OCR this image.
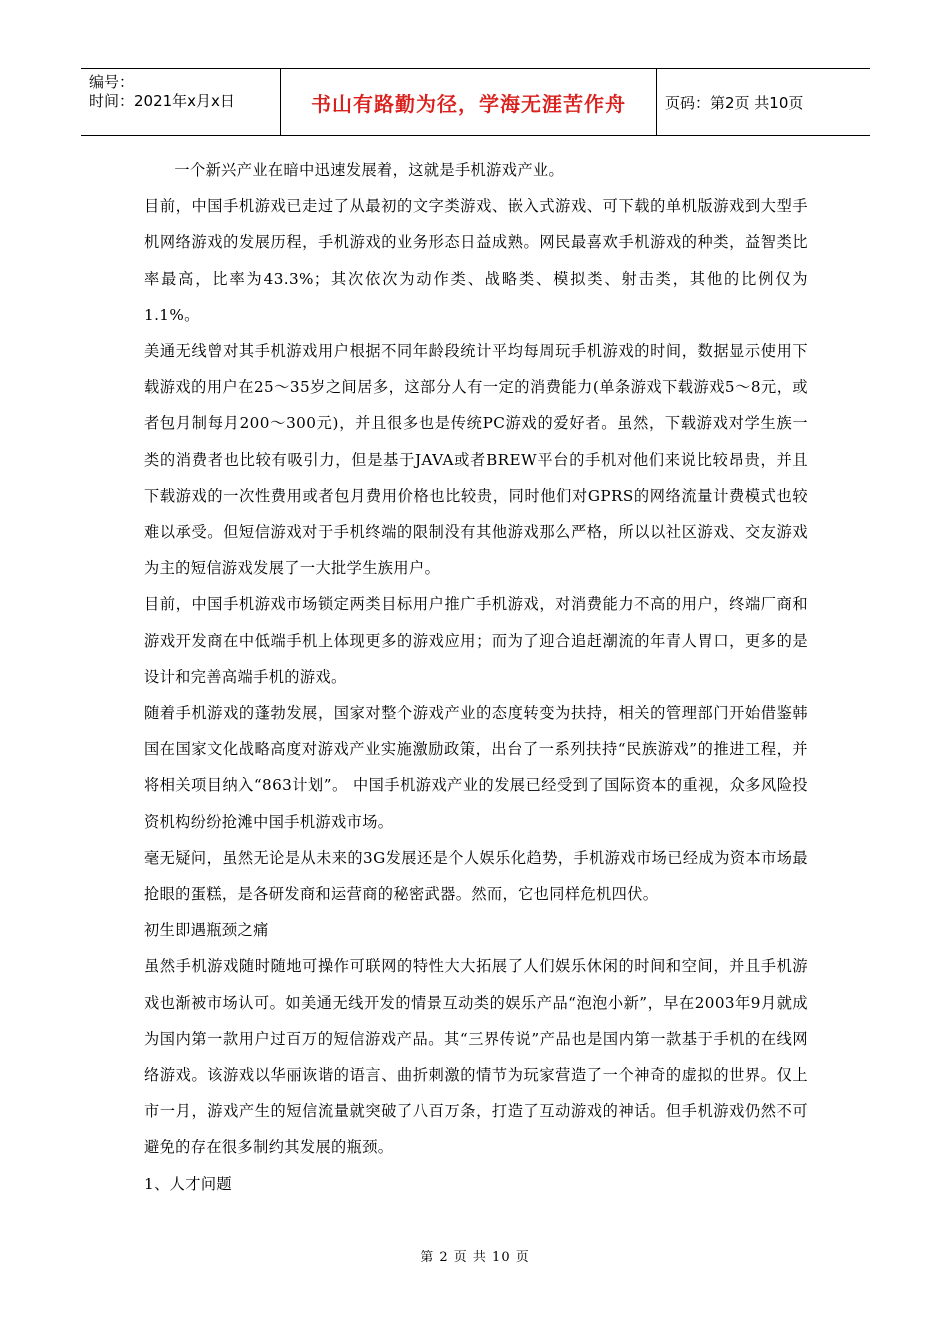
编号：
时间：2021年x月x日	书山有路勤为径，学海无涯苦作舟	页码：第2页 共10页

一个新兴产业在暗中迅速发展着，这就是手机游戏产业。

目前，中国手机游戏已走过了从最初的文字类游戏、嵌入式游戏、可下载的单机版游戏到大型手机网络游戏的发展历程，手机游戏的业务形态日益成熟。网民最喜欢手机游戏的种类，益智类比率最高，比率为43.3%；其次依次为动作类、战略类、模拟类、射击类，其他的比例仅为1.1%。

美通无线曾对其手机游戏用户根据不同年龄段统计平均每周玩手机游戏的时间，数据显示使用下载游戏的用户在25～35岁之间居多，这部分人有一定的消费能力(单条游戏下载游戏5～8元，或者包月制每月200～300元)，并且很多也是传统PC游戏的爱好者。虽然，下载游戏对学生族一类的消费者也比较有吸引力，但是基于JAVA或者BREW平台的手机对他们来说比较昂贵，并且下载游戏的一次性费用或者包月费用价格也比较贵，同时他们对GPRS的网络流量计费模式也较难以承受。但短信游戏对于手机终端的限制没有其他游戏那么严格，所以以社区游戏、交友游戏为主的短信游戏发展了一大批学生族用户。

目前，中国手机游戏市场锁定两类目标用户推广手机游戏，对消费能力不高的用户，终端厂商和游戏开发商在中低端手机上体现更多的游戏应用；而为了迎合追赶潮流的年青人胃口，更多的是设计和完善高端手机的游戏。

随着手机游戏的蓬勃发展，国家对整个游戏产业的态度转变为扶持，相关的管理部门开始借鉴韩国在国家文化战略高度对游戏产业实施激励政策，出台了一系列扶持“民族游戏”的推进工程，并将相关项目纳入“863计划”。 中国手机游戏产业的发展已经受到了国际资本的重视，众多风险投资机构纷纷抢滩中国手机游戏市场。

毫无疑问，虽然无论是从未来的3G发展还是个人娱乐化趋势，手机游戏市场已经成为资本市场最抢眼的蛋糕，是各研发商和运营商的秘密武器。然而，它也同样危机四伏。

初生即遇瓶颈之痛

虽然手机游戏随时随地可操作可联网的特性大大拓展了人们娱乐休闲的时间和空间，并且手机游戏也渐被市场认可。如美通无线开发的情景互动类的娱乐产品“泡泡小新”，早在2003年9月就成为国内第一款用户过百万的短信游戏产品。其“三界传说”产品也是国内第一款基于手机的在线网络游戏。该游戏以华丽诙谐的语言、曲折刺激的情节为玩家营造了一个神奇的虚拟的世界。仅上市一月，游戏产生的短信流量就突破了八百万条，打造了互动游戏的神话。但手机游戏仍然不可避免的存在很多制约其发展的瓶颈。

1、人才问题

第 2 页 共 10 页
